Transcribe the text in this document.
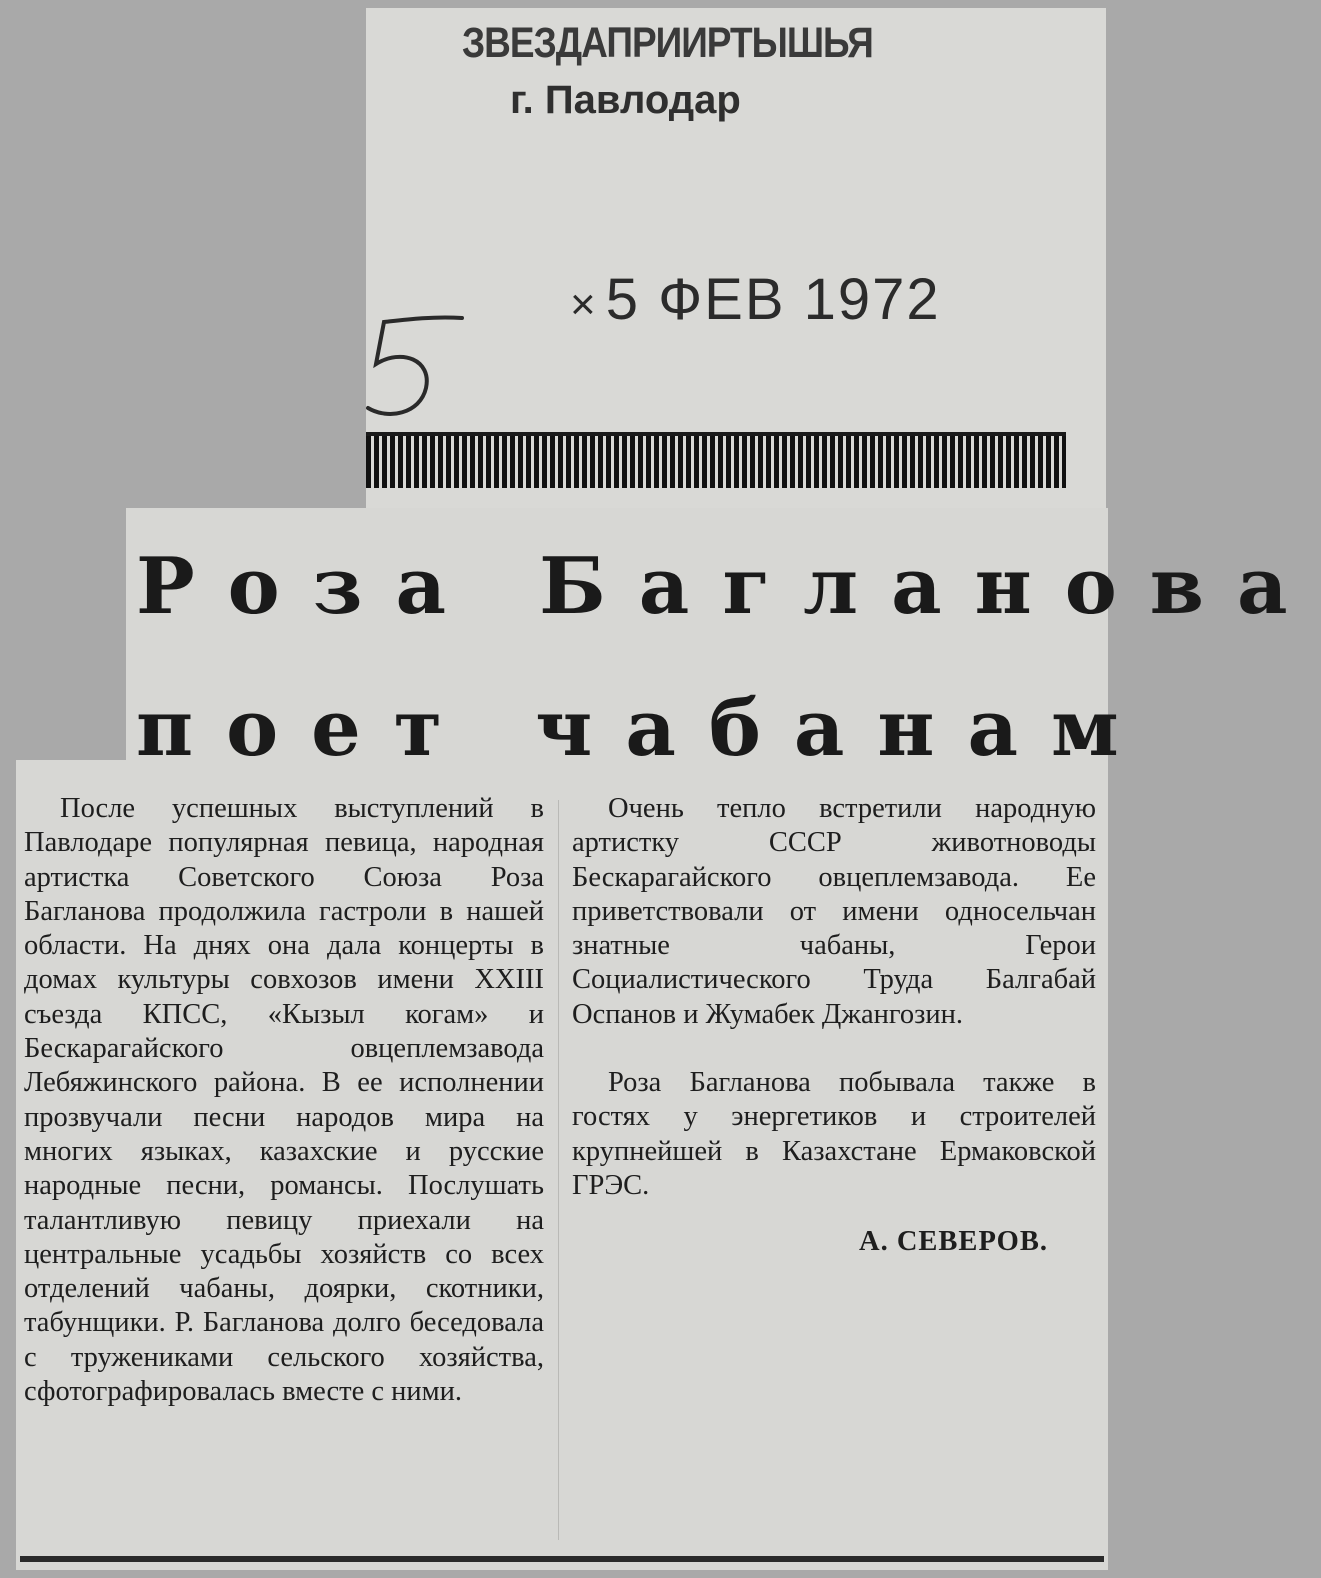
ЗВЕЗДАПРИИРТЫШЬЯ
г. Павлодар
× 5 ФЕВ 1972
Роза Багланова
поет чабанам

После успешных выступлений в Павлодаре популярная певица, народная артистка Советского Союза Роза Багланова продолжила гастроли в нашей области. На днях она дала концерты в домах культуры совхозов имени XXIII съезда КПСС, «Кызыл когам» и Бескарагайского овцеплемзавода Лебяжинского района. В ее исполнении прозвучали песни народов мира на многих языках, казахские и русские народные песни, романсы. Послушать талантливую певицу приехали на центральные усадьбы хозяйств со всех отделений чабаны, доярки, скотники, табунщики. Р. Багланова долго беседовала с тружениками сельского хозяйства, сфотографировалась вместе с ними.

Очень тепло встретили народную артистку СССР животноводы Бескарагайского овцеплемзавода. Ее приветствовали от имени односельчан знатные чабаны, Герои Социалистического Труда Балгабай Оспанов и Жумабек Джангозин.

Роза Багланова побывала также в гостях у энергетиков и строителей крупнейшей в Казахстане Ермаковской ГРЭС.

А. СЕВЕРОВ.
